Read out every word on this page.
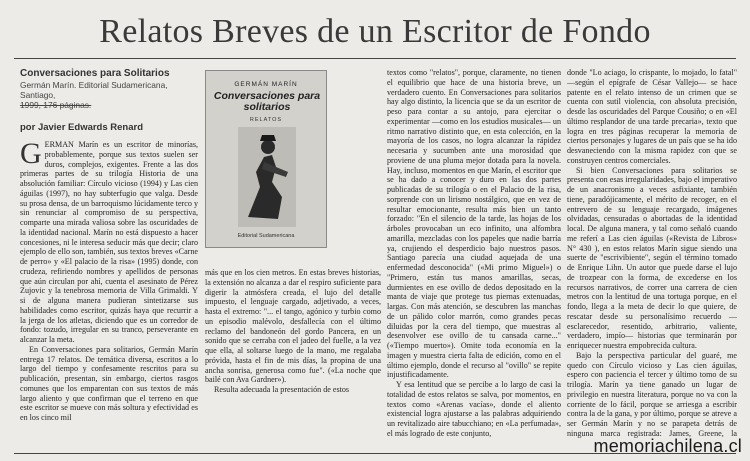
Relatos Breves de un Escritor de Fondo
Conversaciones para Solitarios
Germán Marín. Editorial Sudamericana, Santiago,
1999, 176 páginas.
por Javier Edwards Renard

GERMAN Marín es un escritor de minorías, probablemente, porque sus textos suelen ser duros, complejos, exigentes. Frente a las dos primeras partes de su trilogía Historia de una absolución familiar: Círculo vicioso (1994) y Las cien águilas (1997), no hay subterfugio que valga. Desde su prosa densa, de un barroquismo lúcidamente terco y sin renunciar al compromiso de su perspectiva, comparte una mirada valiosa sobre las oscuridades de la identidad nacional. Marín no está dispuesto a hacer concesiones, ni le interesa seducir más que decir; claro ejemplo de ello son, también, sus textos breves «Carne de perro» y «El palacio de la risa» (1995) donde, con crudeza, refiriendo nombres y apellidos de personas que aún circulan por ahí, cuenta el asesinato de Pérez Zujovic y la tenebrosa memoria de Villa Grimaldi. Y si de alguna manera pudieran sintetizarse sus habilidades como escritor, quizás haya que recurrir a la jerga de los atletas, diciendo que es un corredor de fondo: tozudo, irregular en su tranco, perseverante en alcanzar la meta.

En Conversaciones para solitarios, Germán Marín entrega 17 relatos. De temática diversa, escritos a lo largo del tiempo y confesamente rescritos para su publicación, presentan, sin embargo, ciertos rasgos comunes que los emparentan con sus textos de más largo aliento y que confirman que el terreno en que este escritor se mueve con más soltura y efectividad es en los cinco mil

GERMÁN MARÍN
Conversaciones para solitarios
RELATOS
Editorial Sudamericana

más que en los cien metros. En estas breves historias, la extensión no alcanza a dar el respiro suficiente para digerir la atmósfera creada, el lujo del detalle impuesto, el lenguaje cargado, adjetivado, a veces, hasta el extremo: "... el tango, agónico y turbio como un episodio malévolo, desfallecía con el último reclamo del bandoneón del gordo Pancera, en un sonido que se cerraba con el jadeo del fuelle, a la vez que ella, al soltarse luego de la mano, me regalaba próvida, hasta el fin de mis días, la propina de una ancha sonrisa, generosa como fue". («La noche que bailé con Ava Gardner»).

Resulta adecuada la presentación de estos

textos como "relatos", porque, claramente, no tienen el equilibrio que hace de una historia breve, un verdadero cuento. En Conversaciones para solitarios hay algo distinto, la licencia que se da un escritor de peso para contar a su antojo, para ejercitar o experimentar —como en los estudios musicales— un ritmo narrativo distinto que, en esta colección, en la mayoría de los casos, no logra alcanzar la rápidez necesaria y sucumben ante una morosidad que proviene de una pluma mejor dotada para la novela. Hay, incluso, momentos en que Marín, el escritor que se ha dado a conocer y duro en las dos partes publicadas de su trilogía o en el Palacio de la risa, sorprende con un lirismo nostálgico, que en vez de resultar emocionante, resulta más bien un tanto forzado: "En el silencio de la tarde, las hojas de los árboles provocaban un eco infinito, una alfombra amarilla, mezcladas con los papeles que nadie barría ya, crujiendo el desperdicio bajo nuestros pasos. Santiago parecía una ciudad aquejada de una enfermedad desconocida" («Mi primo Miguel») o "Primero, están tus manos amarillas, secas, durmientes en ese ovillo de dedos depositado en la manta de viaje que protege tus piernas extenuadas, largas. Con más atención, se descubren las manchas de un pálido color marrón, como grandes pecas diluidas por la cera del tiempo, que muestras al desenvolver ese ovillo de tu cansada carne..." («Tiempo muerto»). Omite toda economía en la imagen y muestra cierta falta de edición, como en el último ejemplo, donde el recurso al "ovillo" se repite injustificadamente.

Y esa lentitud que se percibe a lo largo de casi la totalidad de estos relatos se salva, por momentos, en textos como «Arenas vacías», donde el aliento existencial logra ajustarse a las palabras adquiriendo un revitalizado aire tabucchiano; en «La perfumada», el más logrado de este conjunto,

donde "Lo aciago, lo crispante, lo mojado, lo fatal" —según el epígrafe de César Vallejo— se hace patente en el relato intenso de un crimen que se cuenta con sutil violencia, con absoluta precisión, desde las oscuridades del Parque Cousiño; o en «El último resplandor de una tarde precaria», texto que logra en tres páginas recuperar la memoria de ciertos personajes y lugares de un país que se ha ido desvaneciendo con la misma rapidez con que se construyen centros comerciales.

Si bien Conversaciones para solitarios se presenta con esas irregularidades, bajo el imperativo de un anacronismo a veces asfixiante, también tiene, paradójicamente, el mérito de recoger, en el entrevero de su lenguaje recargado, imágenes olvidadas, censuradas o abortadas de la identidad local. De alguna manera, y tal como señaló cuando me referí a Las cien águilas («Revista de Libros» N° 430 ), en estos relatos Marín sigue siendo una suerte de "escrivibiente", según el término tomado de Enrique Lihn. Un autor que puede darse el lujo de trozpear con la forma, de excederse en los recursos narrativos, de correr una carrera de cien metros con la lentitud de una tortuga porque, en el fondo, llega a la meta de decir lo que quiere, de rescatar desde su personalísimo recuerdo —esclarecedor, resentido, arbitrario, valiente, verdadero, impío— historias que terminarán por enriquecer nuestra empobrecida cultura.

Bajo la perspectiva particular del guaré, me quedo con Círculo vicioso y Las cien águilas, espero con paciencia el tercer y último tomo de su trilogía. Marín ya tiene ganado un lugar de privilegio en nuestra literatura, porque no va con la corriente de lo fácil, porque se arriesga a escribir contra la de la gana, y por último, porque se atreve a ser Germán Marín y no se parapeta detrás de ninguna marca registrada: James, Greene, la

memoriachilena.cl
